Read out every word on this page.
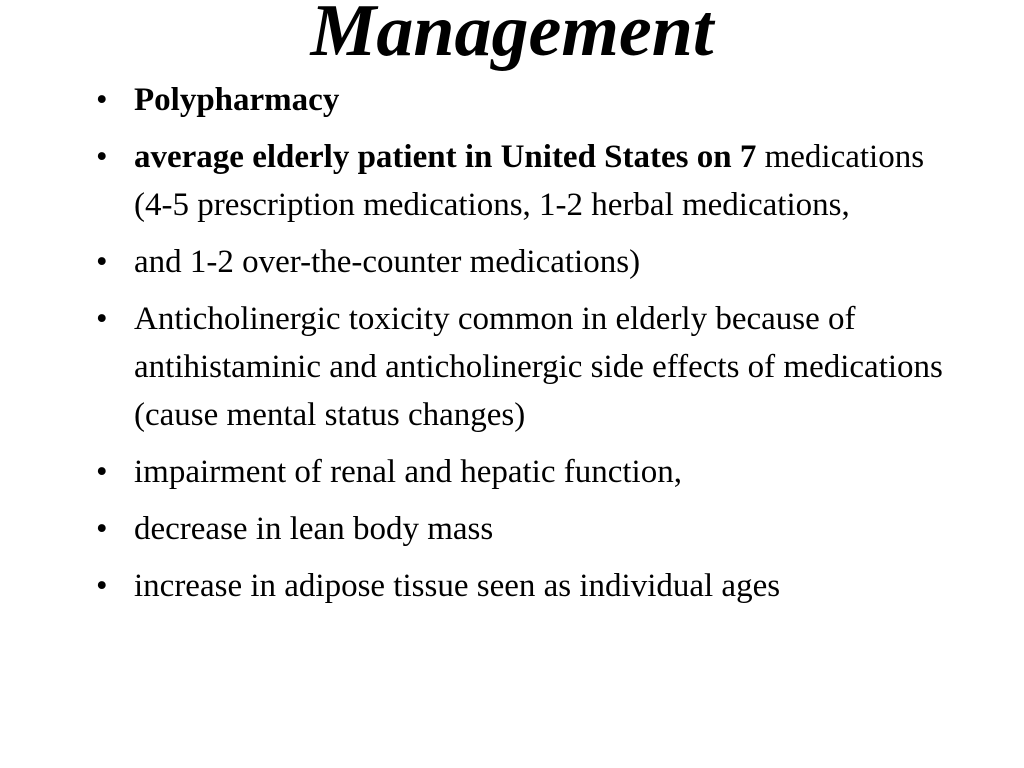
Management
• Polypharmacy
• average elderly patient in United States on 7 medications (4-5 prescription medications, 1-2 herbal medications,
• and 1-2 over-the-counter medications)
• Anticholinergic toxicity common in elderly because of antihistaminic and anticholinergic side effects of medications (cause mental status changes)
• impairment of renal and hepatic function,
• decrease in lean body mass
• increase in adipose tissue seen as individual ages
